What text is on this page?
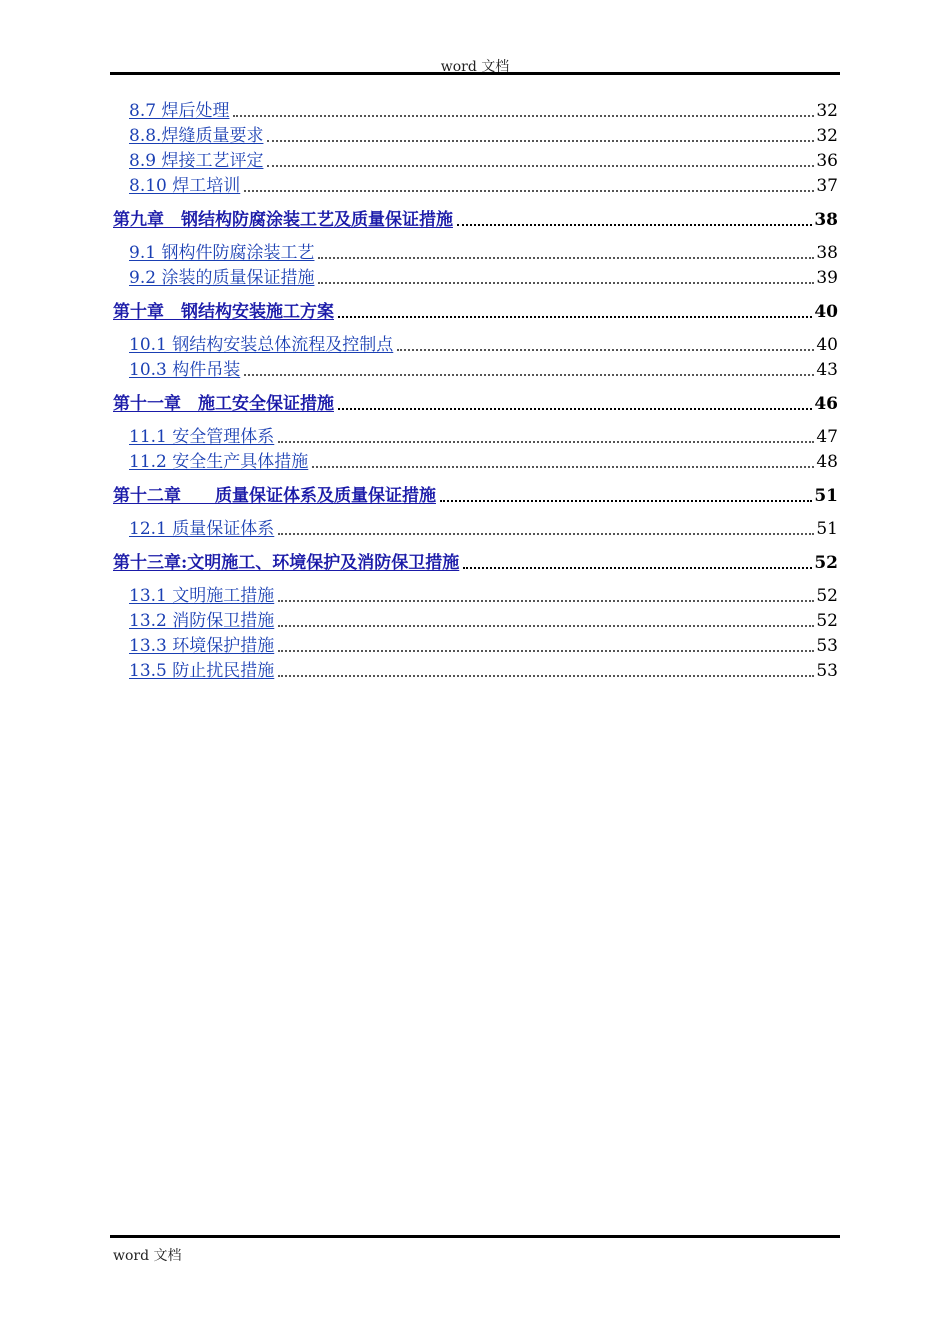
word 文档
8.7 焊后处理	32
8.8.焊缝质量要求	32
8.9 焊接工艺评定	36
8.10 焊工培训	37
第九章　钢结构防腐涂装工艺及质量保证措施	38
9.1 钢构件防腐涂装工艺	38
9.2 涂装的质量保证措施	39
第十章　钢结构安装施工方案	40
10.1 钢结构安装总体流程及控制点	40
10.3 构件吊装	43
第十一章　施工安全保证措施	46
11.1 安全管理体系	47
11.2 安全生产具体措施	48
第十二章　　质量保证体系及质量保证措施	51
12.1 质量保证体系	51
第十三章:文明施工、环境保护及消防保卫措施	52
13.1 文明施工措施	52
13.2 消防保卫措施	52
13.3 环境保护措施	53
13.5 防止扰民措施	53
word 文档
